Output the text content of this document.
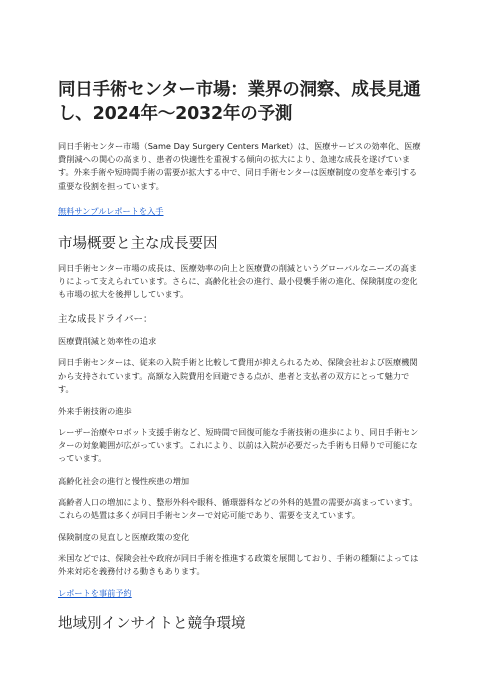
同日手術センター市場：業界の洞察、成長見通し、2024年～2032年の予測

同日手術センター市場（Same Day Surgery Centers Market）は、医療サービスの効率化、医療費削減への関心の高まり、患者の快適性を重視する傾向の拡大により、急速な成長を遂げています。外来手術や短時間手術の需要が拡大する中で、同日手術センターは医療制度の変革を牽引する重要な役割を担っています。

無料サンプルレポートを入手
市場概要と主な成長要因

同日手術センター市場の成長は、医療効率の向上と医療費の削減というグローバルなニーズの高まりによって支えられています。さらに、高齢化社会の進行、最小侵襲手術の進化、保険制度の変化も市場の拡大を後押ししています。

主な成長ドライバー：
医療費削減と効率性の追求

同日手術センターは、従来の入院手術と比較して費用が抑えられるため、保険会社および医療機関から支持されています。高額な入院費用を回避できる点が、患者と支払者の双方にとって魅力です。

外来手術技術の進歩

レーザー治療やロボット支援手術など、短時間で回復可能な手術技術の進歩により、同日手術センターの対象範囲が広がっています。これにより、以前は入院が必要だった手術も日帰りで可能になっています。

高齢化社会の進行と慢性疾患の増加

高齢者人口の増加により、整形外科や眼科、循環器科などの外科的処置の需要が高まっています。これらの処置は多くが同日手術センターで対応可能であり、需要を支えています。

保険制度の見直しと医療政策の変化

米国などでは、保険会社や政府が同日手術を推進する政策を展開しており、手術の種類によっては外来対応を義務付ける動きもあります。

レポートを事前予約
地域別インサイトと競争環境
